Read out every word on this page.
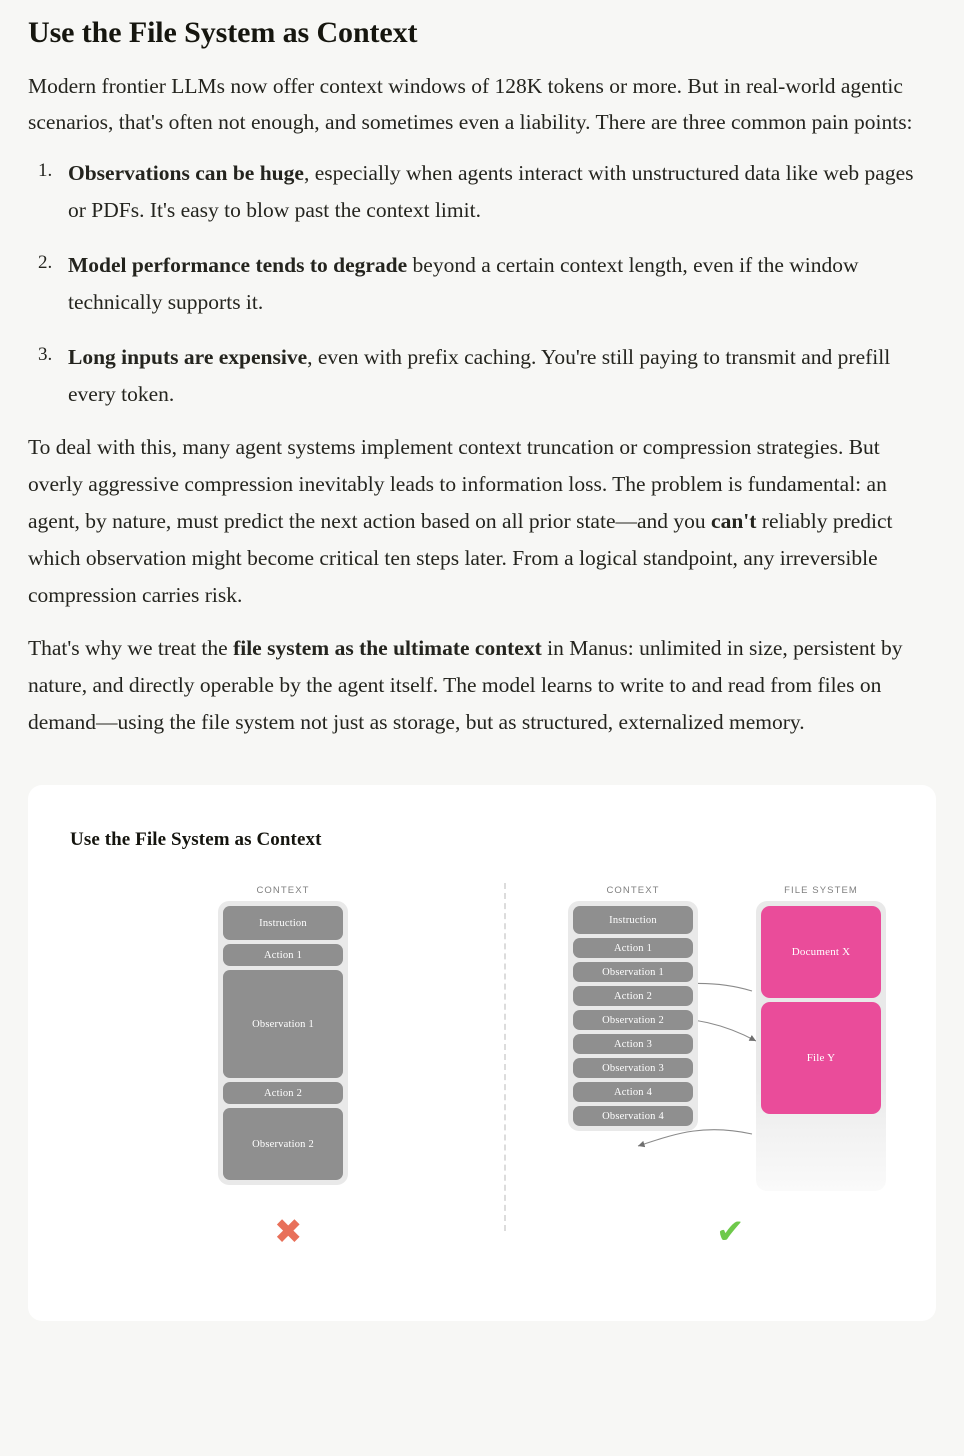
Use the File System as Context

Modern frontier LLMs now offer context windows of 128K tokens or more. But in real-world agentic scenarios, that's often not enough, and sometimes even a liability. There are three common pain points:

Observations can be huge, especially when agents interact with unstructured data like web pages or PDFs. It's easy to blow past the context limit.
Model performance tends to degrade beyond a certain context length, even if the window technically supports it.
Long inputs are expensive, even with prefix caching. You're still paying to transmit and prefill every token.

To deal with this, many agent systems implement context truncation or compression strategies. But overly aggressive compression inevitably leads to information loss. The problem is fundamental: an agent, by nature, must predict the next action based on all prior state—and you can't reliably predict which observation might become critical ten steps later. From a logical standpoint, any irreversible compression carries risk.

That's why we treat the file system as the ultimate context in Manus: unlimited in size, persistent by nature, and directly operable by the agent itself. The model learns to write to and read from files on demand—using the file system not just as storage, but as structured, externalized memory.

Use the File System as Context
CONTEXT
Instruction
Action 1
Observation 1
Action 2
Observation 2
✖
CONTEXT
Instruction
Action 1
Observation 1
Action 2
Observation 2
Action 3
Observation 3
Action 4
Observation 4
FILE SYSTEM
Document X
File Y
✔
